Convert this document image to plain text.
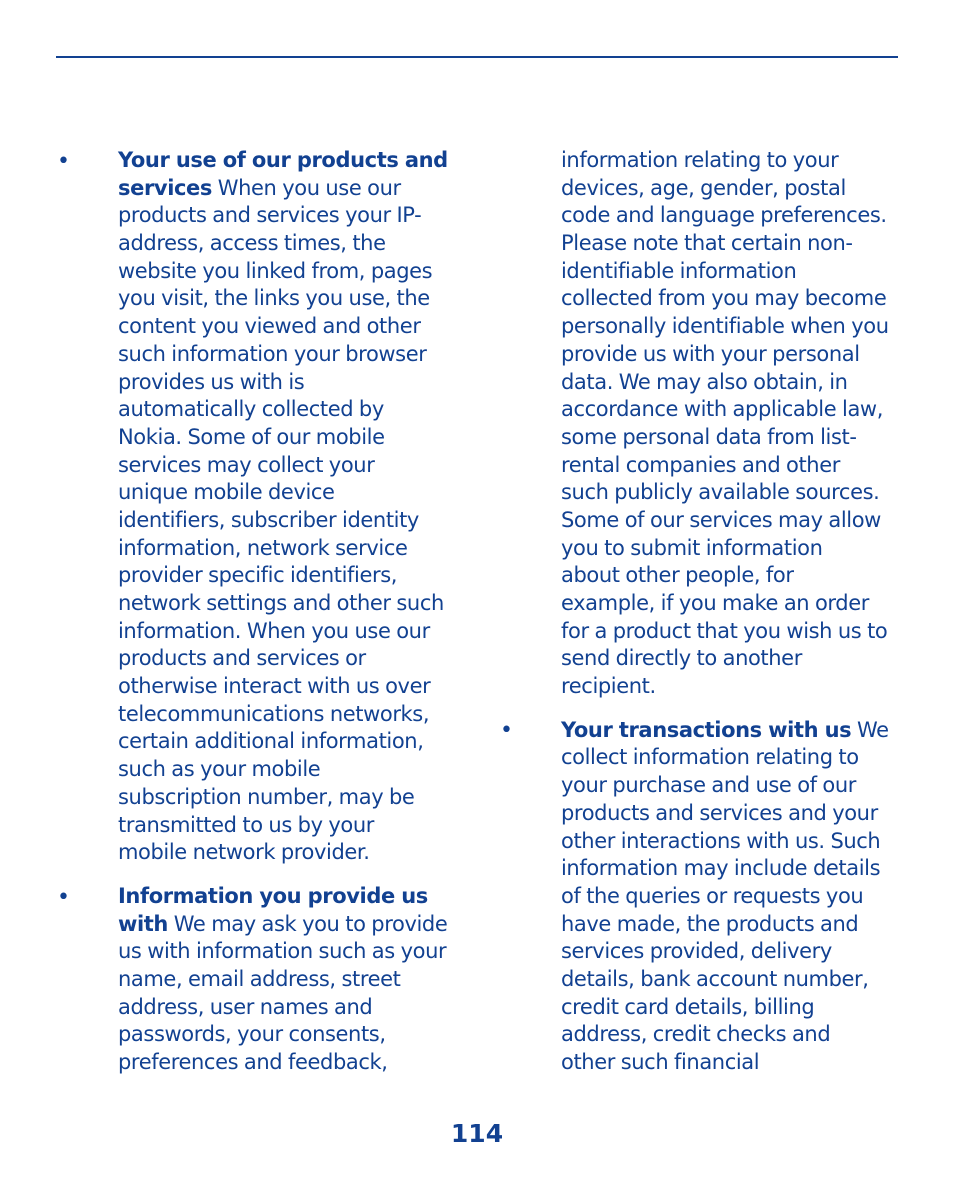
•
•
•
Your use of our products and
services When you use our
products and services your IP-
address, access times, the
website you linked from, pages
you visit, the links you use, the
content you viewed and other
such information your browser
provides us with is
automatically collected by
Nokia. Some of our mobile
services may collect your
unique mobile device
identifiers, subscriber identity
information, network service
provider specific identifiers,
network settings and other such
information. When you use our
products and services or
otherwise interact with us over
telecommunications networks,
certain additional information,
such as your mobile
subscription number, may be
transmitted to us by your
mobile network provider.
Information you provide us
with We may ask you to provide
us with information such as your
name, email address, street
address, user names and
passwords, your consents,
preferences and feedback,
information relating to your
devices, age, gender, postal
code and language preferences.
Please note that certain non-
identifiable information
collected from you may become
personally identifiable when you
provide us with your personal
data. We may also obtain, in
accordance with applicable law,
some personal data from list-
rental companies and other
such publicly available sources.
Some of our services may allow
you to submit information
about other people, for
example, if you make an order
for a product that you wish us to
send directly to another
recipient.
Your transactions with us We
collect information relating to
your purchase and use of our
products and services and your
other interactions with us. Such
information may include details
of the queries or requests you
have made, the products and
services provided, delivery
details, bank account number,
credit card details, billing
address, credit checks and
other such financial
114
